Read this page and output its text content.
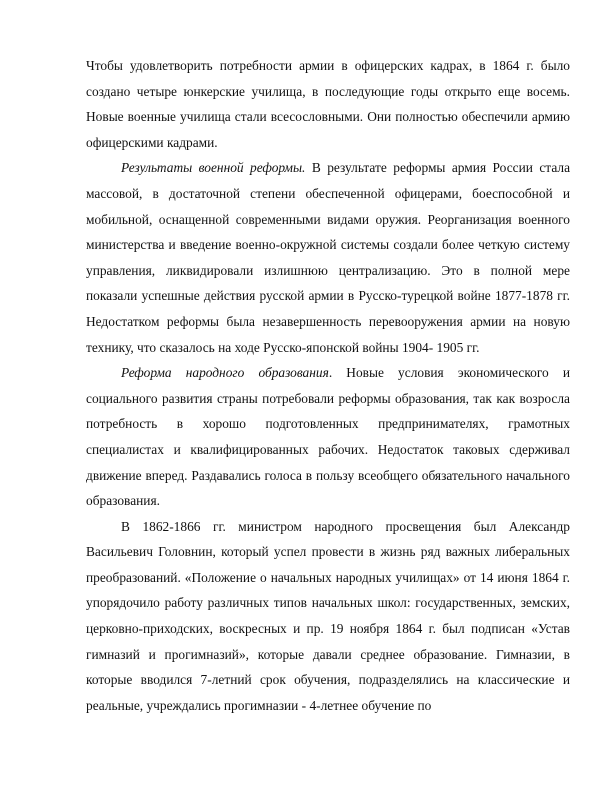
Чтобы удовлетворить потребности армии в офицерских кадрах, в 1864 г. было создано четыре юнкерские училища, в последующие годы открыто еще восемь. Новые военные училища стали всесословными. Они полностью обеспечили армию офицерскими кадрами.

Результаты военной реформы. В результате реформы армия России стала массовой, в достаточной степени обеспеченной офицерами, боеспособной и мобильной, оснащенной современными видами оружия. Реорганизация военного министерства и введение военно-окружной системы создали более четкую систему управления, ликвидировали излишнюю централизацию. Это в полной мере показали успешные действия русской армии в Русско-турецкой войне 1877-1878 гг. Недостатком реформы была незавершенность перевооружения армии на новую технику, что сказалось на ходе Русско-японской войны 1904- 1905 гг.

Реформа народного образования. Новые условия экономического и социального развития страны потребовали реформы образования, так как возросла потребность в хорошо подготовленных предпринимателях, грамотных специалистах и квалифицированных рабочих. Недостаток таковых сдерживал движение вперед. Раздавались голоса в пользу всеобщего обязательного начального образования.

В 1862-1866 гг. министром народного просвещения был Александр Васильевич Головнин, который успел провести в жизнь ряд важных либеральных преобразований. «Положение о начальных народных училищах» от 14 июня 1864 г. упорядочило работу различных типов начальных школ: государственных, земских, церковно-приходских, воскресных и пр. 19 ноября 1864 г. был подписан «Устав гимназий и прогимназий», которые давали среднее образование. Гимназии, в которые вводился 7-летний срок обучения, подразделялись на классические и реальные, учреждались прогимназии - 4-летнее обучение по
